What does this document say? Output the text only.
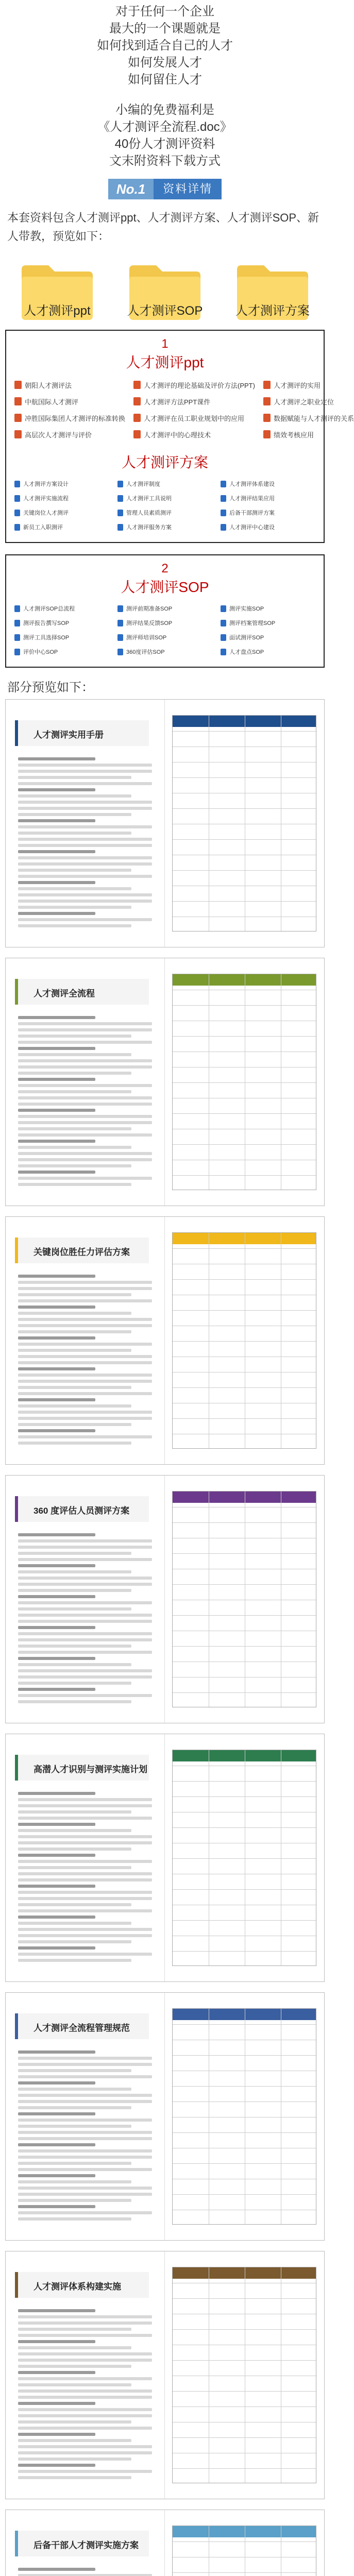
对于任何一个企业
最大的一个课题就是
如何找到适合自己的人才
如何发展人才
如何留住人才
小编的免费福利是
《人才测评全流程.doc》
40份人才测评资料
文末附资料下载方式
No.1	资料详情

本套资料包含人才测评ppt、人才测评方案、人才测评SOP、新人带教，预览如下：

人才测评ppt	人才测评SOP	人才测评方案
1
人才测评ppt
朝阳人才测评法	人才测评的理论基础及评价方法(PPT)	人才测评的实用
中航国际人才测评	人才测评方法PPT课件	人才测评之职业定位
冲胜国际集团人才测评的标准转换	人才测评在员工职业规划中的应用	数据赋能与人才测评的关系
高层次人才测评与评价	人才测评中的心理技术	绩效考核应用
人才测评方案
人才测评方案设计	人才测评制度	人才测评体系建设
人才测评实施流程	人才测评工具说明	人才测评结果应用
关键岗位人才测评	管理人员素质测评	后备干部测评方案
新员工入职测评	人才测评服务方案	人才测评中心建设
2
人才测评SOP
人才测评SOP总流程	测评前期准备SOP	测评实施SOP
测评报告撰写SOP	测评结果反馈SOP	测评档案管理SOP
测评工具选择SOP	测评师培训SOP	面试测评SOP
评价中心SOP	360度评估SOP	人才盘点SOP
部分预览如下：
人才测评实用手册
人才测评全流程
关键岗位胜任力评估方案
360 度评估人员测评方案
高潜人才识别与测评实施计划
人才测评全流程管理规范
人才测评体系构建实施
后备干部人才测评实施方案
